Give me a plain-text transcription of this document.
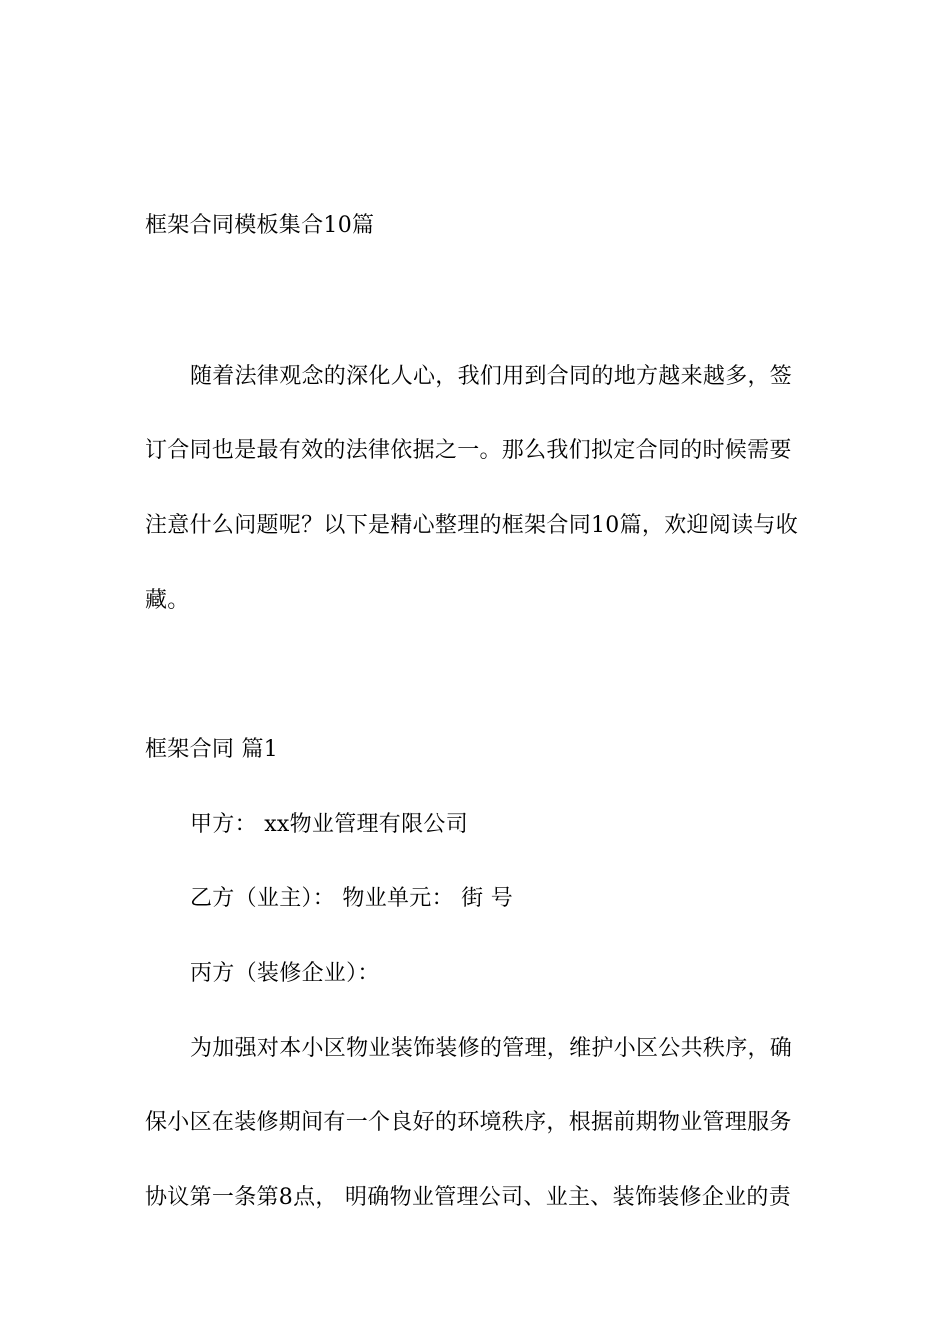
框架合同模板集合10篇
随着法律观念的深化人心，我们用到合同的地方越来越多，签
订合同也是最有效的法律依据之一。那么我们拟定合同的时候需要
注意什么问题呢？以下是精心整理的框架合同10篇，欢迎阅读与收
藏。
框架合同 篇1
甲方： xx物业管理有限公司
乙方（业主）： 物业单元： 街 号
丙方（装修企业）：
为加强对本小区物业装饰装修的管理，维护小区公共秩序，确
保小区在装修期间有一个良好的环境秩序，根据前期物业管理服务
协议第一条第8点， 明确物业管理公司、业主、装饰装修企业的责
